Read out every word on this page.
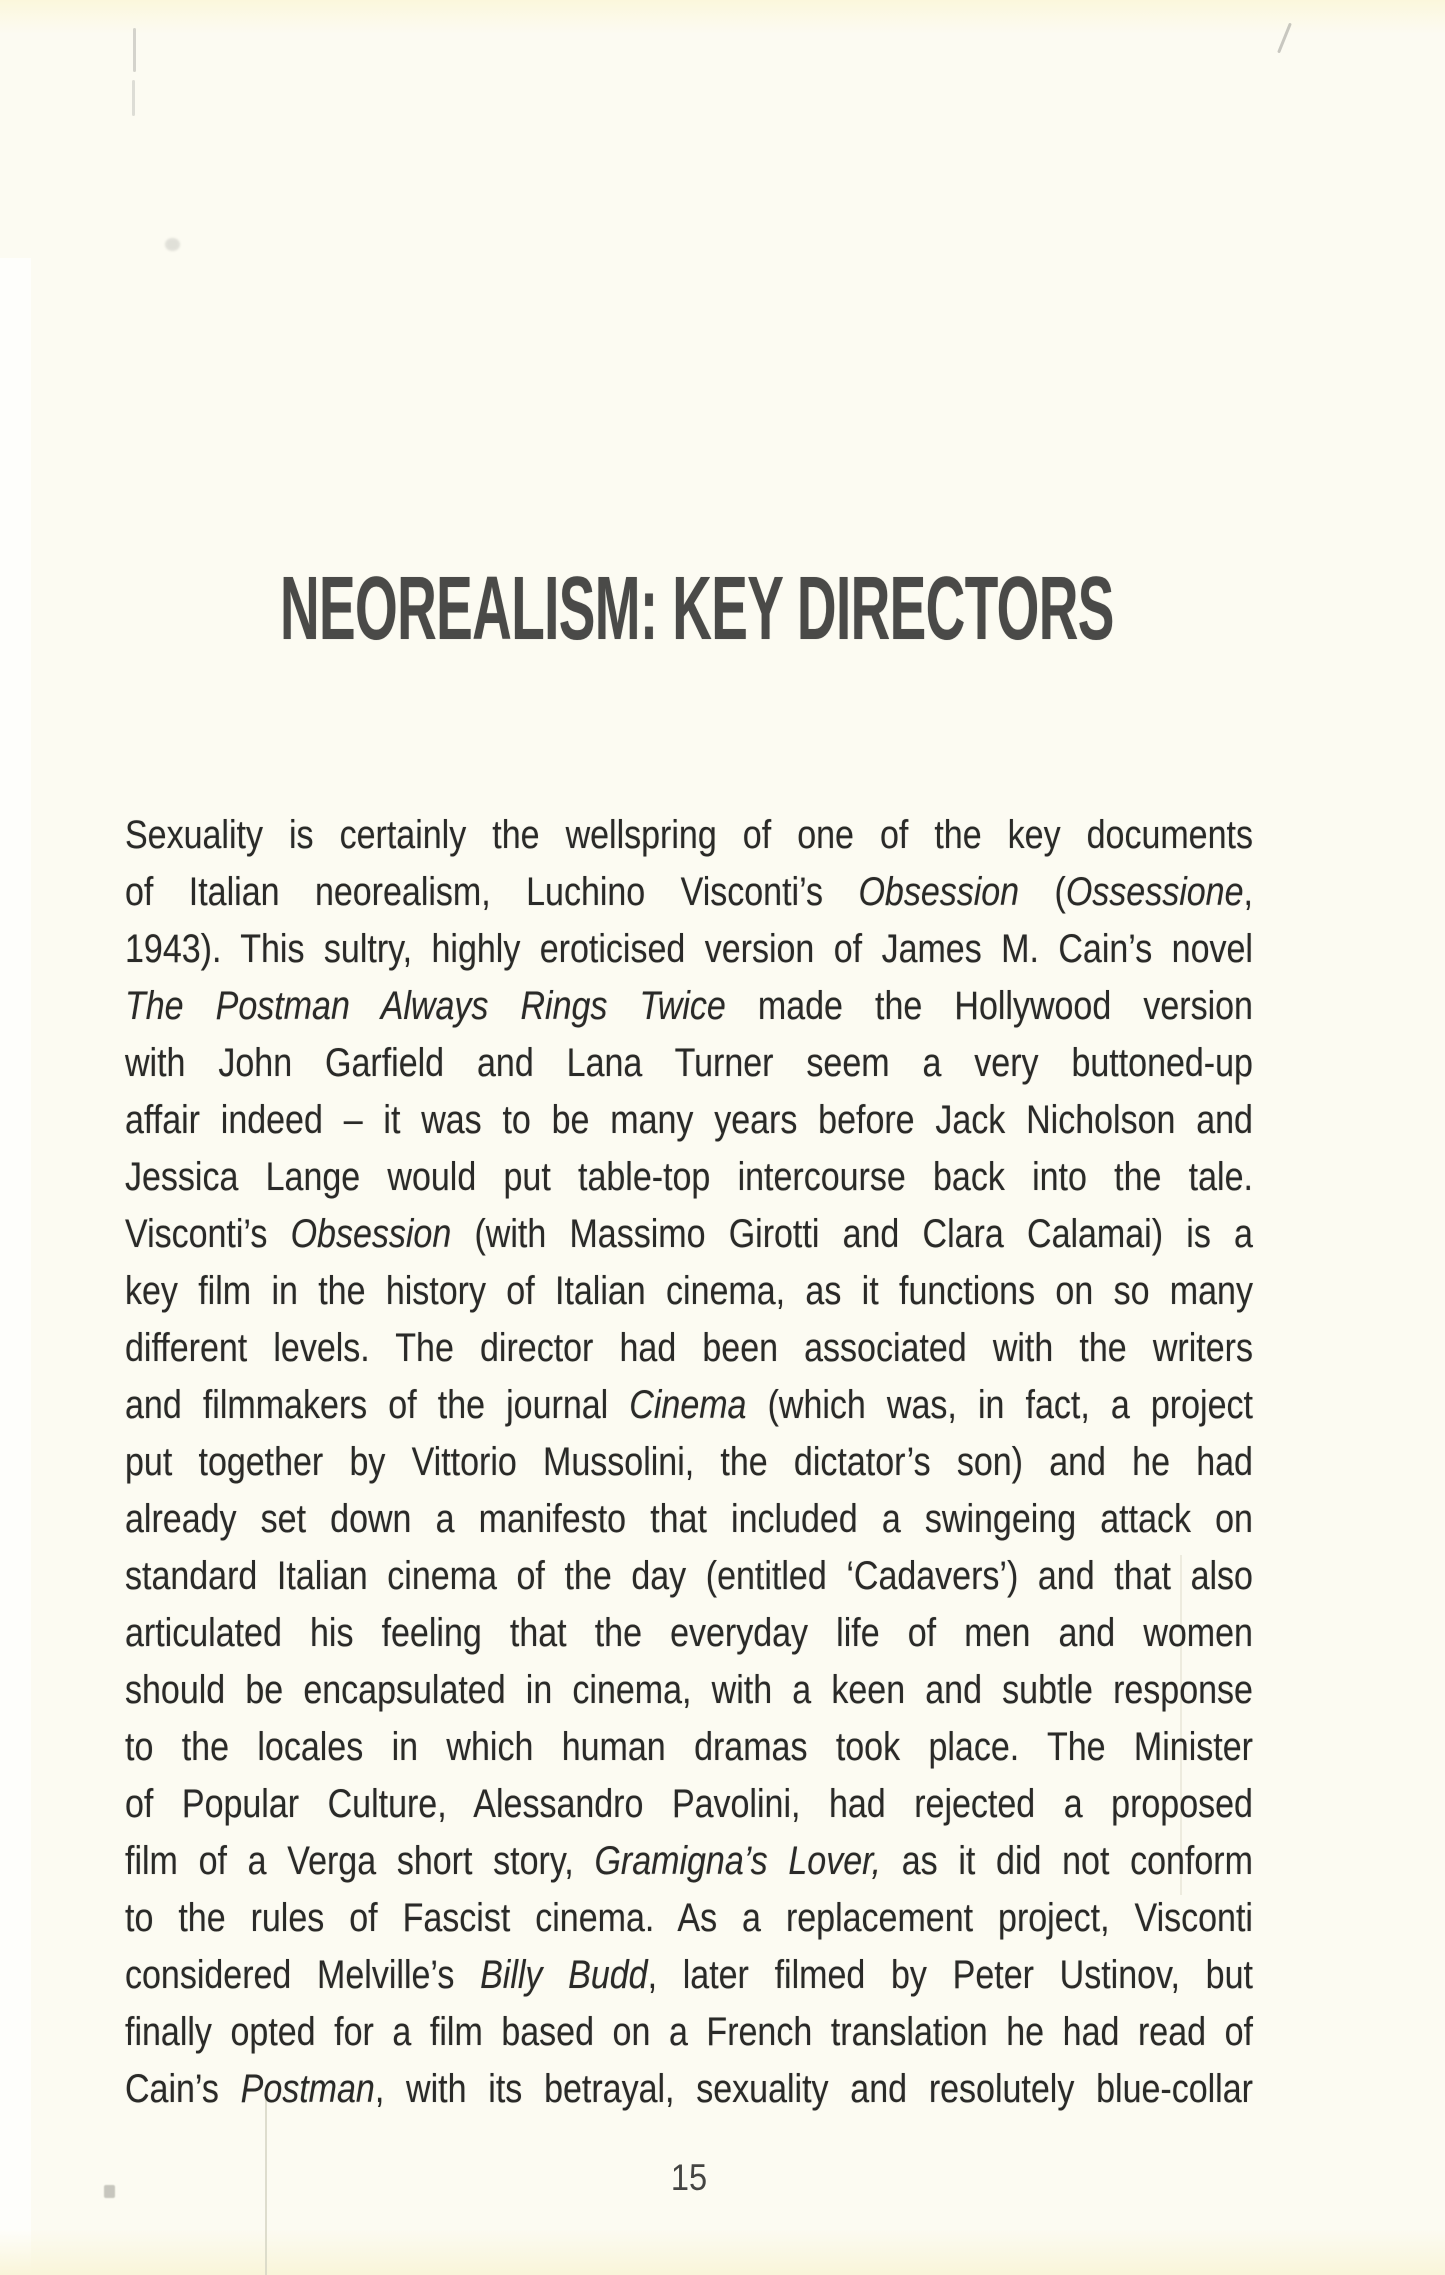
NEOREALISM: KEY DIRECTORS
Sexuality is certainly the wellspring of one of the key documents
of Italian neorealism, Luchino Visconti’s Obsession (Ossessione,
1943). This sultry, highly eroticised version of James M. Cain’s novel
The Postman Always Rings Twice made the Hollywood version
with John Garfield and Lana Turner seem a very buttoned-up
affair indeed – it was to be many years before Jack Nicholson and
Jessica Lange would put table-top intercourse back into the tale.
Visconti’s Obsession (with Massimo Girotti and Clara Calamai) is a
key film in the history of Italian cinema, as it functions on so many
different levels. The director had been associated with the writers
and filmmakers of the journal Cinema (which was, in fact, a project
put together by Vittorio Mussolini, the dictator’s son) and he had
already set down a manifesto that included a swingeing attack on
standard Italian cinema of the day (entitled ‘Cadavers’) and that also
articulated his feeling that the everyday life of men and women
should be encapsulated in cinema, with a keen and subtle response
to the locales in which human dramas took place. The Minister
of Popular Culture, Alessandro Pavolini, had rejected a proposed
film of a Verga short story, Gramigna’s Lover, as it did not conform
to the rules of Fascist cinema. As a replacement project, Visconti
considered Melville’s Billy Budd, later filmed by Peter Ustinov, but
finally opted for a film based on a French translation he had read of
Cain’s Postman, with its betrayal, sexuality and resolutely blue-collar
15
